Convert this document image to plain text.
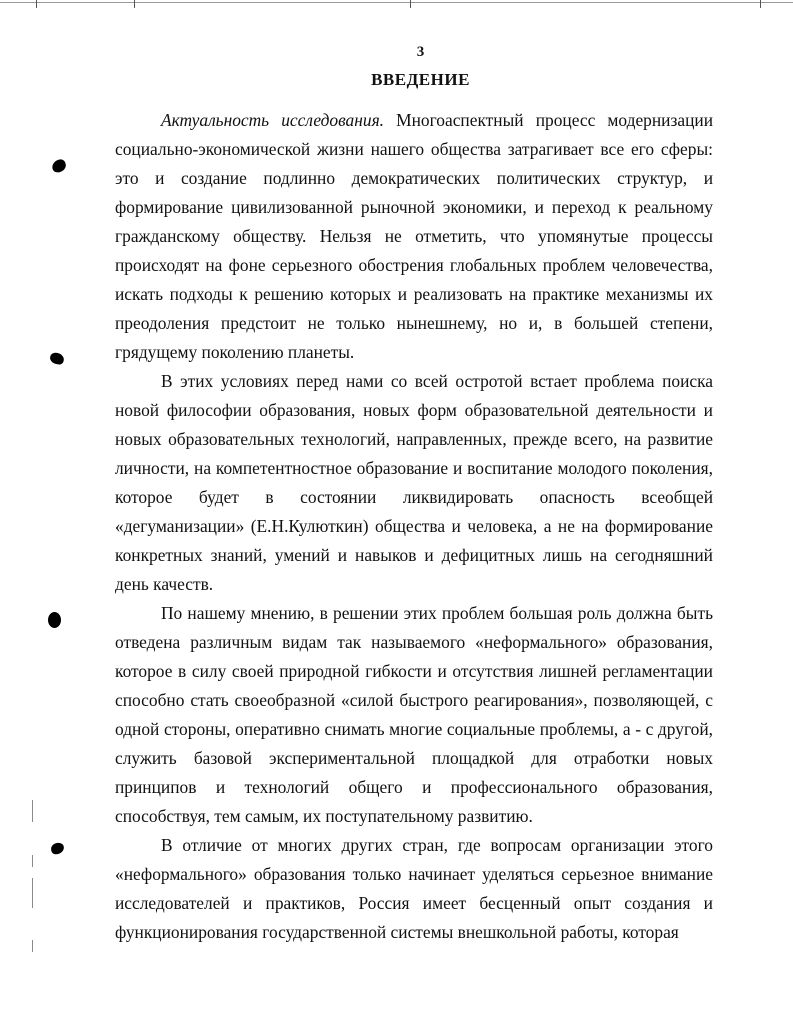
3
ВВЕДЕНИЕ

Актуальность исследования. Многоаспектный процесс модернизации социально-экономической жизни нашего общества затрагивает все его сферы: это и создание подлинно демократических политических структур, и формирование цивилизованной рыночной экономики, и переход к реальному гражданскому обществу. Нельзя не отметить, что упомянутые процессы происходят на фоне серьезного обострения глобальных проблем человечества, искать подходы к решению которых и реализовать на практике механизмы их преодоления предстоит не только нынешнему, но и, в большей степени, грядущему поколению планеты.

В этих условиях перед нами со всей остротой встает проблема поиска новой философии образования, новых форм образовательной деятельности и новых образовательных технологий, направленных, прежде всего, на развитие личности, на компетентностное образование и воспитание молодого поколения, которое будет в состоянии ликвидировать опасность всеобщей «дегуманизации» (Е.Н.Кулюткин) общества и человека, а не на формирование конкретных знаний, умений и навыков и дефицитных лишь на сегодняшний день качеств.

По нашему мнению, в решении этих проблем большая роль должна быть отведена различным видам так называемого «неформального» образования, которое в силу своей природной гибкости и отсутствия лишней регламентации способно стать своеобразной «силой быстрого реагирования», позволяющей, с одной стороны, оперативно снимать многие социальные проблемы, а - с другой, служить базовой экспериментальной площадкой для отработки новых принципов и технологий общего и профессионального образования, способствуя, тем самым, их поступательному развитию.

В отличие от многих других стран, где вопросам организации этого «неформального» образования только начинает уделяться серьезное внимание исследователей и практиков, Россия имеет бесценный опыт создания и функционирования государственной системы внешкольной работы, которая
